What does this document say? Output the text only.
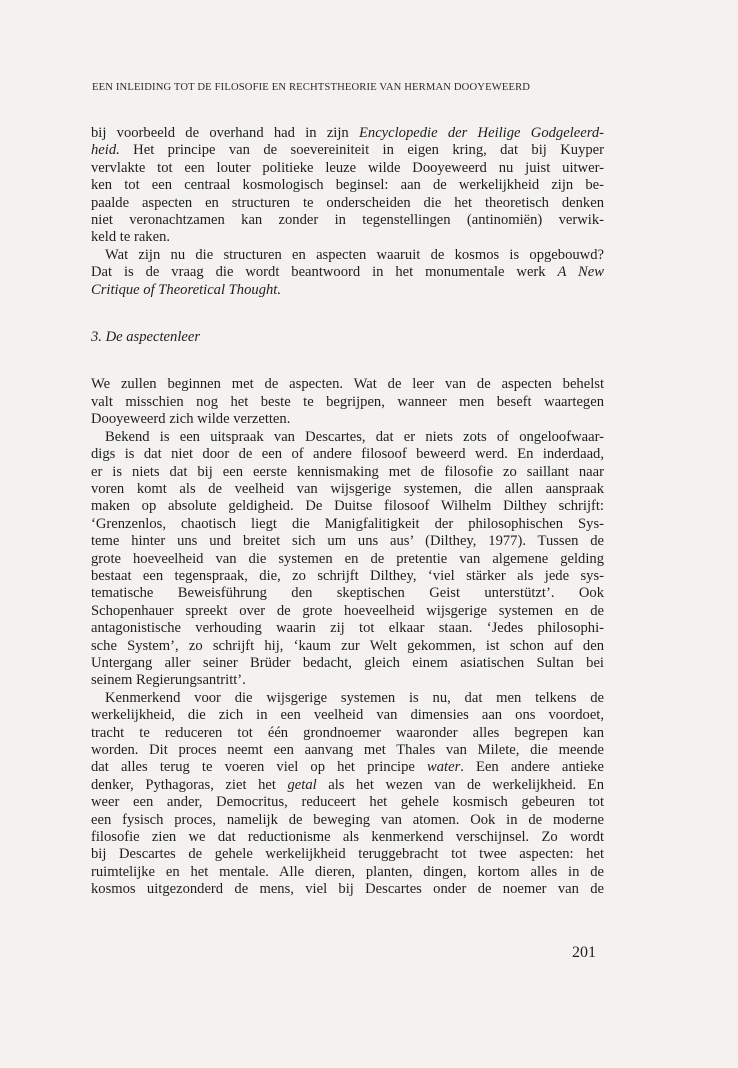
EEN INLEIDING TOT DE FILOSOFIE EN RECHTSTHEORIE VAN HERMAN DOOYEWEERD

bij voorbeeld de overhand had in zijn Encyclopedie der Heilige Godgeleerd-
heid. Het principe van de soevereiniteit in eigen kring, dat bij Kuyper
vervlakte tot een louter politieke leuze wilde Dooyeweerd nu juist uitwer-
ken tot een centraal kosmologisch beginsel: aan de werkelijkheid zijn be-
paalde aspecten en structuren te onderscheiden die het theoretisch denken
niet veronachtzamen kan zonder in tegenstellingen (antinomiën) verwik-
keld te raken.

Wat zijn nu die structuren en aspecten waaruit de kosmos is opgebouwd?
Dat is de vraag die wordt beantwoord in het monumentale werk A New
Critique of Theoretical Thought.

3. De aspectenleer

We zullen beginnen met de aspecten. Wat de leer van de aspecten behelst
valt misschien nog het beste te begrijpen, wanneer men beseft waartegen
Dooyeweerd zich wilde verzetten.

Bekend is een uitspraak van Descartes, dat er niets zots of ongeloofwaar-
digs is dat niet door de een of andere filosoof beweerd werd. En inderdaad,
er is niets dat bij een eerste kennismaking met de filosofie zo saillant naar
voren komt als de veelheid van wijsgerige systemen, die allen aanspraak
maken op absolute geldigheid. De Duitse filosoof Wilhelm Dilthey schrijft:
‘Grenzenlos, chaotisch liegt die Manigfalitigkeit der philosophischen Sys-
teme hinter uns und breitet sich um uns aus’ (Dilthey, 1977). Tussen de
grote hoeveelheid van die systemen en de pretentie van algemene gelding
bestaat een tegenspraak, die, zo schrijft Dilthey, ‘viel stärker als jede sys-
tematische Beweisführung den skeptischen Geist unterstützt’. Ook
Schopenhauer spreekt over de grote hoeveelheid wijsgerige systemen en de
antagonistische verhouding waarin zij tot elkaar staan. ‘Jedes philosophi-
sche System’, zo schrijft hij, ‘kaum zur Welt gekommen, ist schon auf den
Untergang aller seiner Brüder bedacht, gleich einem asiatischen Sultan bei
seinem Regierungsantritt’.

Kenmerkend voor die wijsgerige systemen is nu, dat men telkens de
werkelijkheid, die zich in een veelheid van dimensies aan ons voordoet,
tracht te reduceren tot één grondnoemer waaronder alles begrepen kan
worden. Dit proces neemt een aanvang met Thales van Milete, die meende
dat alles terug te voeren viel op het principe water. Een andere antieke
denker, Pythagoras, ziet het getal als het wezen van de werkelijkheid. En
weer een ander, Democritus, reduceert het gehele kosmisch gebeuren tot
een fysisch proces, namelijk de beweging van atomen. Ook in de moderne
filosofie zien we dat reductionisme als kenmerkend verschijnsel. Zo wordt
bij Descartes de gehele werkelijkheid teruggebracht tot twee aspecten: het
ruimtelijke en het mentale. Alle dieren, planten, dingen, kortom alles in de
kosmos uitgezonderd de mens, viel bij Descartes onder de noemer van de

201
